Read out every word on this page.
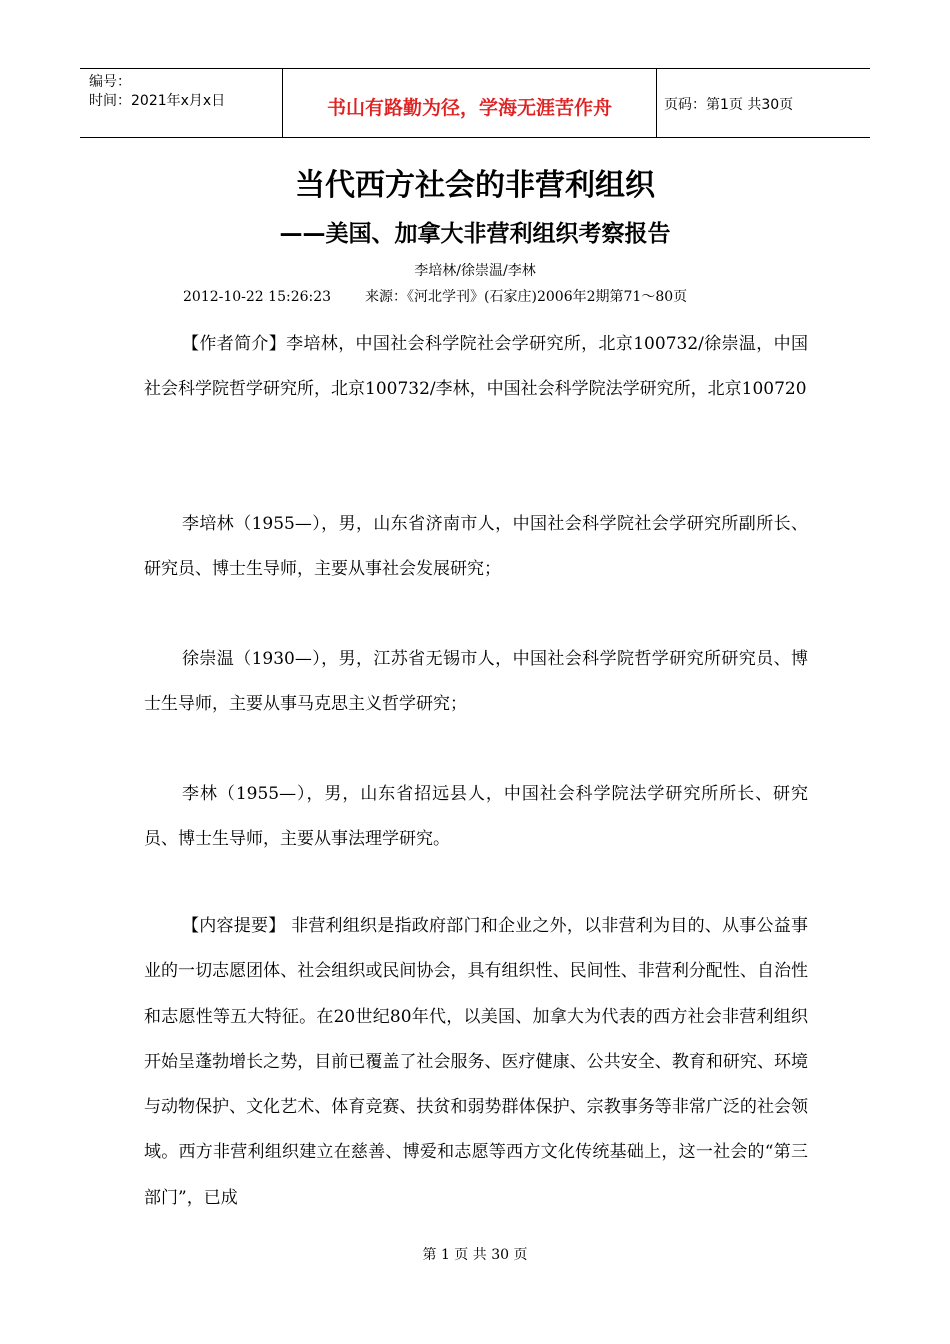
编号：
时间：2021年x月x日	书山有路勤为径，学海无涯苦作舟	页码：第1页 共30页
当代西方社会的非营利组织
——美国、加拿大非营利组织考察报告
李培林/徐崇温/李林
2012-10-22 15:26:23 来源：《河北学刊》(石家庄)2006年2期第71～80页
【作者简介】李培林，中国社会科学院社会学研究所，北京100732/徐崇温，中国社会科学院哲学研究所，北京100732/李林，中国社会科学院法学研究所，北京100720
李培林（1955—），男，山东省济南市人，中国社会科学院社会学研究所副所长、研究员、博士生导师，主要从事社会发展研究；
徐崇温（1930—），男，江苏省无锡市人，中国社会科学院哲学研究所研究员、博士生导师，主要从事马克思主义哲学研究；
李林（1955—），男，山东省招远县人，中国社会科学院法学研究所所长、研究员、博士生导师，主要从事法理学研究。
【内容提要】 非营利组织是指政府部门和企业之外，以非营利为目的、从事公益事业的一切志愿团体、社会组织或民间协会，具有组织性、民间性、非营利分配性、自治性和志愿性等五大特征。在20世纪80年代，以美国、加拿大为代表的西方社会非营利组织开始呈蓬勃增长之势，目前已覆盖了社会服务、医疗健康、公共安全、教育和研究、环境与动物保护、文化艺术、体育竞赛、扶贫和弱势群体保护、宗教事务等非常广泛的社会领域。西方非营利组织建立在慈善、博爱和志愿等西方文化传统基础上，这一社会的“第三部门”，已成
第 1 页 共 30 页
